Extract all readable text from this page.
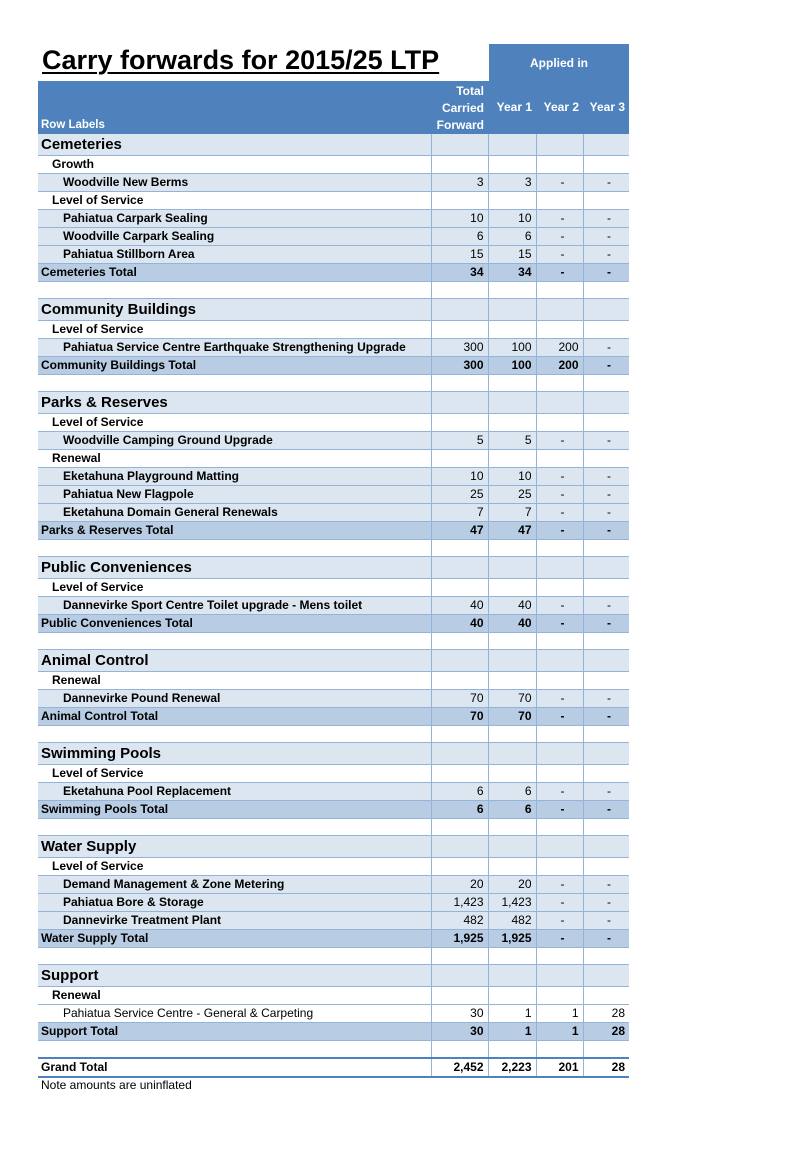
Carry forwards for 2015/25 LTP	Applied in
Row Labels	Total
Carried
Forward	Year 1	Year 2	Year 3
Cemeteries				
Growth				
Woodville New Berms	3	3	-	-
Level of Service				
Pahiatua Carpark Sealing	10	10	-	-
Woodville Carpark Sealing	6	6	-	-
Pahiatua Stillborn Area	15	15	-	-
Cemeteries Total	34	34	-	-

Community Buildings				
Level of Service				
Pahiatua Service Centre Earthquake Strengthening Upgrade	300	100	200	-
Community Buildings Total	300	100	200	-

Parks & Reserves				
Level of Service				
Woodville Camping Ground Upgrade	5	5	-	-
Renewal				
Eketahuna Playground Matting	10	10	-	-
Pahiatua New Flagpole	25	25	-	-
Eketahuna Domain General Renewals	7	7	-	-
Parks & Reserves Total	47	47	-	-

Public Conveniences				
Level of Service				
Dannevirke Sport Centre Toilet upgrade - Mens toilet	40	40	-	-
Public Conveniences Total	40	40	-	-

Animal Control				
Renewal				
Dannevirke Pound Renewal	70	70	-	-
Animal Control Total	70	70	-	-

Swimming Pools				
Level of Service				
Eketahuna Pool Replacement	6	6	-	-
Swimming Pools Total	6	6	-	-

Water Supply				
Level of Service				
Demand Management & Zone Metering	20	20	-	-
Pahiatua Bore & Storage	1,423	1,423	-	-
Dannevirke Treatment Plant	482	482	-	-
Water Supply Total	1,925	1,925	-	-

Support				
Renewal				
Pahiatua Service Centre - General & Carpeting	30	1	1	28
Support Total	30	1	1	28

Grand Total	2,452	2,223	201	28
Note amounts are uninflated
